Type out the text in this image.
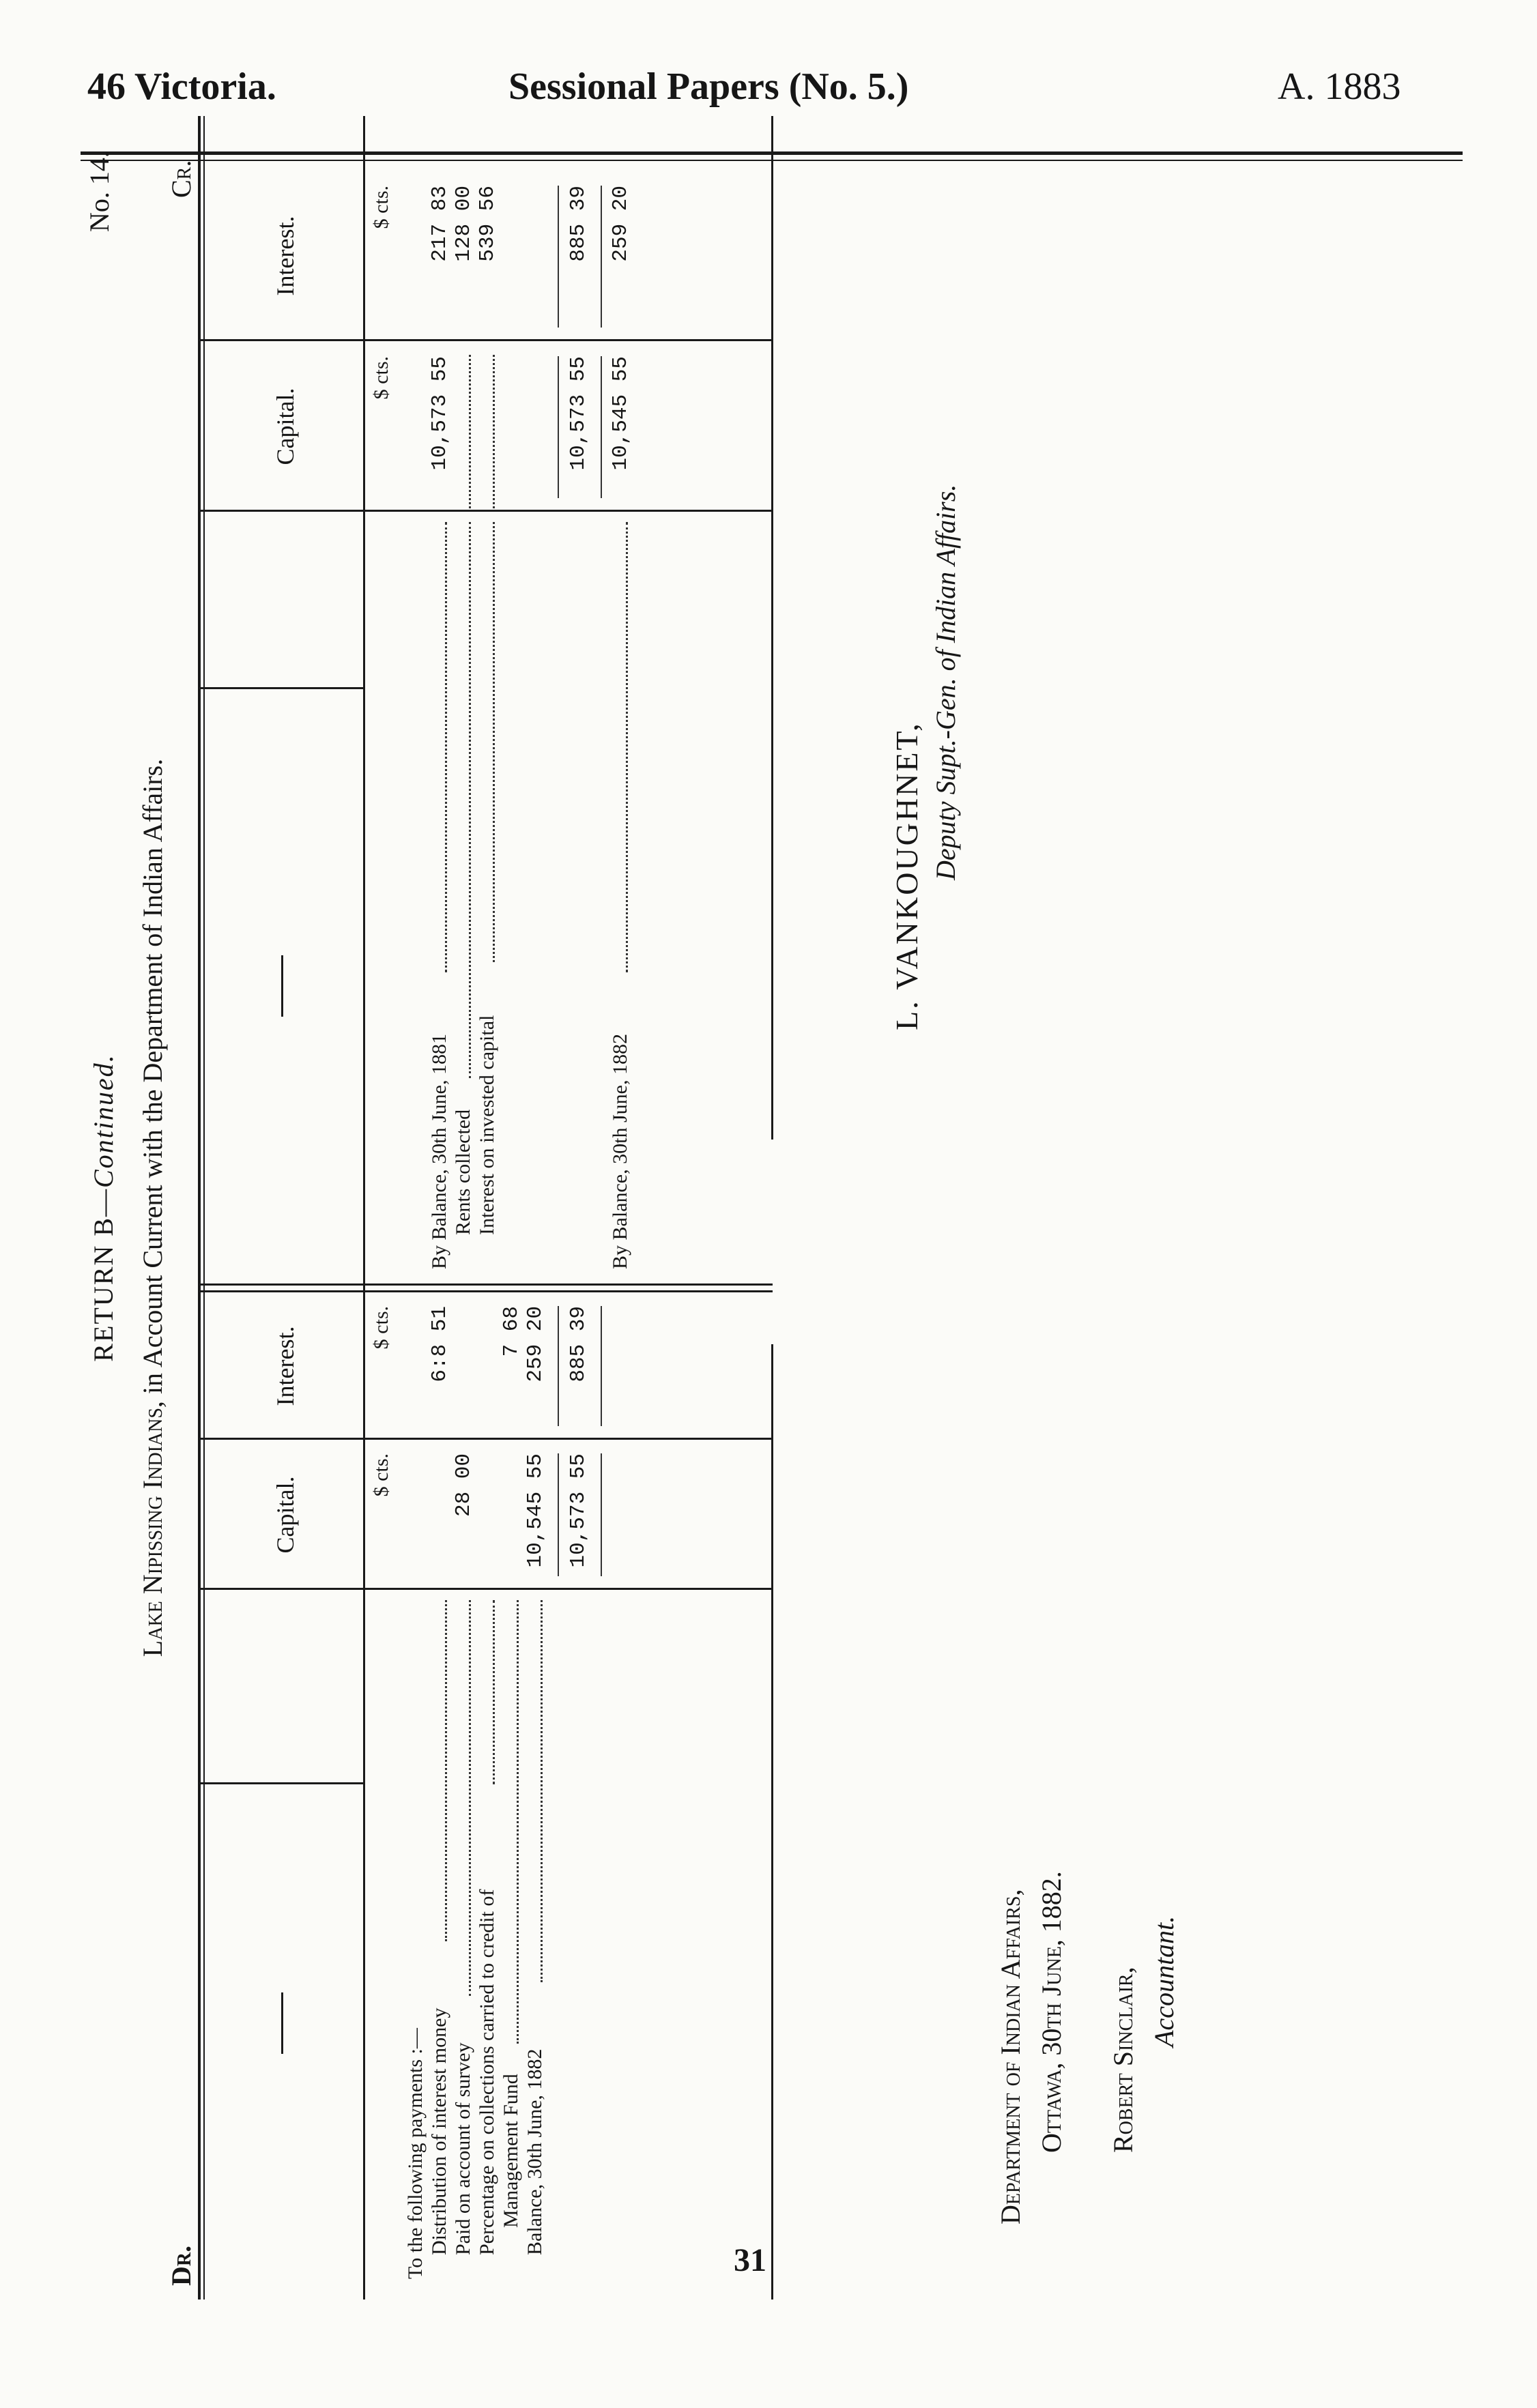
46 Victoria.	Sessional Papers (No. 5.)	A. 1883
RETURN B—Continued.
Lake Nipissing Indians, in Account Current with the Department of Indian Affairs.
No. 14.
Dr.
Cr.
Capital.
Interest.
Capital.
Interest.
$ cts.
$ cts.
$ cts.
$ cts.
To the following payments :— Distribution of interest money Paid on account of survey Percentage on collections carried to credit of Management Fund Balance, 30th June, 1882
6:8 51
28 00
7 68
10,545 55
259 20
10,573 55
885 39
By Balance, 30th June, 1881 Rents collected Interest on invested capital
10,573 55
217 83 128 00 539 56
10,573 55
885 39
By Balance, 30th June, 1882
10,545 55
259 20
L. VANKOUGHNET, Deputy Supt.-Gen. of Indian Affairs.
Department of Indian Affairs, Ottawa, 30th June, 1882. Robert Sinclair, Accountant.
31
